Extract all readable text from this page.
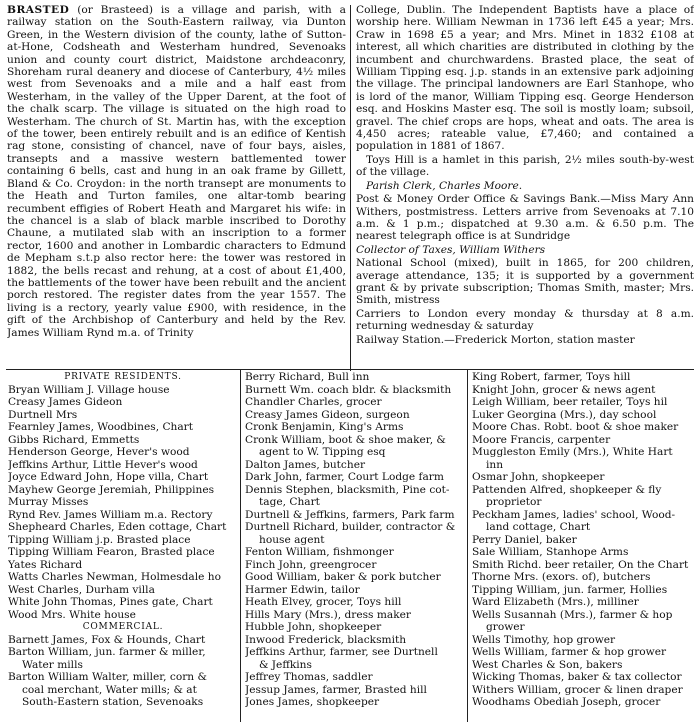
BRASTED (or Brasteed) is a village and parish, with a railway station on the South-Eastern railway, via Dunton Green, in the Western division of the county, lathe of Sutton-at-Hone, Codsheath and Westerham hundred, Sevenoaks union and county court district, Maidstone archdeaconry, Shoreham rural deanery and diocese of Canterbury, 4½ miles west from Sevenoaks and a mile and a half east from Westerham, in the valley of the Upper Darent, at the foot of the chalk scarp. The village is situated on the high road to Westerham. The church of St. Martin has, with the exception of the tower, been entirely rebuilt and is an edifice of Kentish rag stone, consisting of chancel, nave of four bays, aisles, transepts and a massive western battlemented tower containing 6 bells, cast and hung in an oak frame by Gillett, Bland & Co. Croydon: in the north transept are monuments to the Heath and Turton familes, one altar-tomb bearing recumbent effigies of Robert Heath and Margaret his wife: in the chancel is a slab of black marble inscribed to Dorothy Chaune, a mutilated slab with an inscription to a former rector, 1600 and another in Lombardic characters to Edmund de Mepham s.t.p also rector here: the tower was restored in 1882, the bells recast and rehung, at a cost of about £1,400, the battlements of the tower have been rebuilt and the ancient porch restored. The register dates from the year 1557. The living is a rectory, yearly value £900, with residence, in the gift of the Archbishop of Canterbury and held by the Rev. James William Rynd m.a. of Trinity

College, Dublin. The Independent Baptists have a place of worship here. William Newman in 1736 left £45 a year; Mrs. Craw in 1698 £5 a year; and Mrs. Minet in 1832 £108 at interest, all which charities are distributed in clothing by the incumbent and churchwardens. Brasted place, the seat of William Tipping esq. j.p. stands in an extensive park adjoining the village. The principal landowners are Earl Stanhope, who is lord of the manor, William Tipping esq. George Henderson esq. and Hoskins Master esq. The soil is mostly loam; subsoil, gravel. The chief crops are hops, wheat and oats. The area is 4,450 acres; rateable value, £7,460; and contained a population in 1881 of 1867.

Toys Hill is a hamlet in this parish, 2½ miles south-by-west of the village.

Parish Clerk, Charles Moore.

Post & Money Order Office & Savings Bank.—Miss Mary Ann Withers, postmistress. Letters arrive from Sevenoaks at 7.10 a.m. & 1 p.m.; dispatched at 9.30 a.m. & 6.50 p.m. The nearest telegraph office is at Sundridge

Collector of Taxes, William Withers

National School (mixed), built in 1865, for 200 children, average attendance, 135; it is supported by a government grant & by private subscription; Thomas Smith, master; Mrs. Smith, mistress

Carriers to London every monday & thursday at 8 a.m. returning wednesday & saturday

Railway Station.—Frederick Morton, station master

PRIVATE RESIDENTS.
Bryan William J. Village house
Creasy James Gideon
Durtnell Mrs
Fearnley James, Woodbines, Chart
Gibbs Richard, Emmetts
Henderson George, Hever's wood
Jeffkins Arthur, Little Hever's wood
Joyce Edward John, Hope villa, Chart
Mayhew George Jeremiah, Philippines
Murray Misses
Rynd Rev. James William m.a. Rectory
Shepheard Charles, Eden cottage, Chart
Tipping William j.p. Brasted place
Tipping William Fearon, Brasted place
Yates Richard
Watts Charles Newman, Holmesdale ho
West Charles, Durham villa
White John Thomas, Pines gate, Chart
Wood Mrs. White house
COMMERCIAL.
Barnett James, Fox & Hounds, Chart
Barton William, jun. farmer & miller,
Water mills
Barton William Walter, miller, corn &
coal merchant, Water mills; & at
South-Eastern station, Sevenoaks
Berry Richard, Bull inn
Burnett Wm. coach bldr. & blacksmith
Chandler Charles, grocer
Creasy James Gideon, surgeon
Cronk Benjamin, King's Arms
Cronk William, boot & shoe maker, &
agent to W. Tipping esq
Dalton James, butcher
Dark John, farmer, Court Lodge farm
Dennis Stephen, blacksmith, Pine cot-
tage, Chart
Durtnell & Jeffkins, farmers, Park farm
Durtnell Richard, builder, contractor &
house agent
Fenton William, fishmonger
Finch John, greengrocer
Good William, baker & pork butcher
Harmer Edwin, tailor
Heath Elvey, grocer, Toys hill
Hills Mary (Mrs.), dress maker
Hubble John, shopkeeper
Inwood Frederick, blacksmith
Jeffkins Arthur, farmer, see Durtnell
& Jeffkins
Jeffrey Thomas, saddler
Jessup James, farmer, Brasted hill
Jones James, shopkeeper
King Robert, farmer, Toys hill
Knight John, grocer & news agent
Leigh William, beer retailer, Toys hil
Luker Georgina (Mrs.), day school
Moore Chas. Robt. boot & shoe maker
Moore Francis, carpenter
Muggleston Emily (Mrs.), White Hart
inn
Osmar John, shopkeeper
Pattenden Alfred, shopkeeper & fly
proprietor
Peckham James, ladies' school, Wood-
land cottage, Chart
Perry Daniel, baker
Sale William, Stanhope Arms
Smith Richd. beer retailer, On the Chart
Thorne Mrs. (exors. of), butchers
Tipping William, jun. farmer, Hollies
Ward Elizabeth (Mrs.), milliner
Wells Susannah (Mrs.), farmer & hop
grower
Wells Timothy, hop grower
Wells William, farmer & hop grower
West Charles & Son, bakers
Wicking Thomas, baker & tax collector
Withers William, grocer & linen draper
Woodhams Obediah Joseph, grocer
